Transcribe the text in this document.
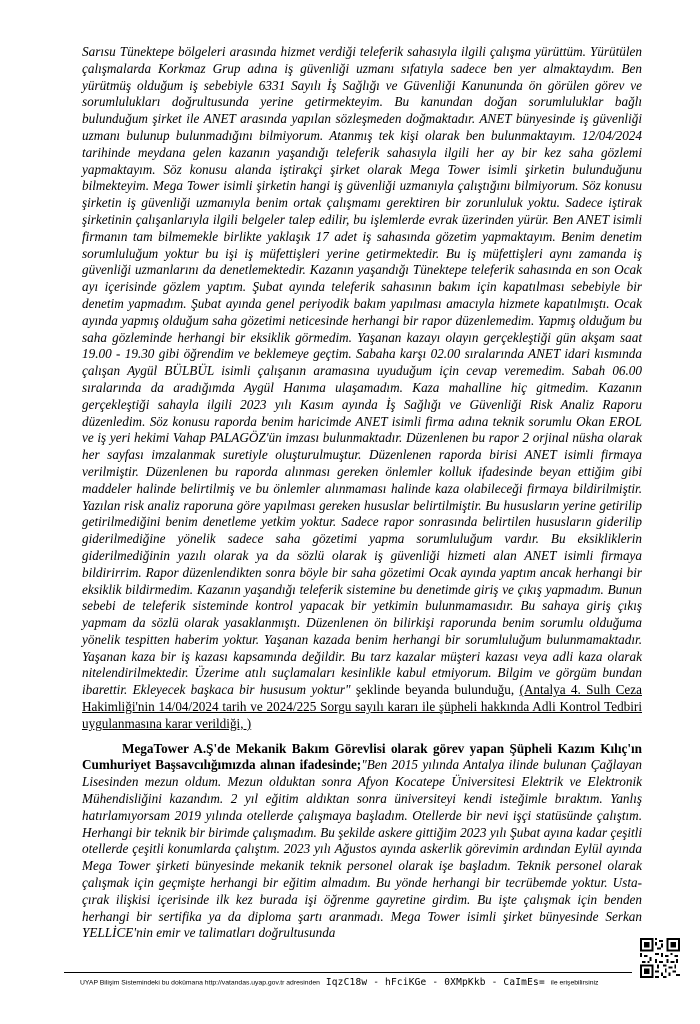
Sarısu Tünektepe bölgeleri arasında hizmet verdiği teleferik sahasıyla ilgili çalışma yürüttüm. Yürütülen çalışmalarda Korkmaz Grup adına iş güvenliği uzmanı sıfatıyla sadece ben yer almaktaydım. Ben yürütmüş olduğum iş sebebiyle 6331 Sayılı İş Sağlığı ve Güvenliği Kanununda ön görülen görev ve sorumlulukları doğrultusunda yerine getirmekteyim. Bu kanundan doğan sorumluluklar bağlı bulunduğum şirket ile ANET arasında yapılan sözleşmeden doğmaktadır. ANET bünyesinde iş güvenliği uzmanı bulunup bulunmadığını bilmiyorum. Atanmış tek kişi olarak ben bulunmaktayım. 12/04/2024 tarihinde meydana gelen kazanın yaşandığı teleferik sahasıyla ilgili her ay bir kez saha gözlemi yapmaktayım. Söz konusu alanda iştirakçi şirket olarak Mega Tower isimli şirketin bulunduğunu bilmekteyim. Mega Tower isimli şirketin hangi iş güvenliği uzmanıyla çalıştığını bilmiyorum. Söz konusu şirketin iş güvenliği uzmanıyla benim ortak çalışmamı gerektiren bir zorunluluk yoktu. Sadece iştirak şirketinin çalışanlarıyla ilgili belgeler talep edilir, bu işlemlerde evrak üzerinden yürür. Ben ANET isimli firmanın tam bilmemekle birlikte yaklaşık 17 adet iş sahasında gözetim yapmaktayım. Benim denetim sorumluluğum yoktur bu işi iş müfettişleri yerine getirmektedir. Bu iş müfettişleri aynı zamanda iş güvenliği uzmanlarını da denetlemektedir. Kazanın yaşandığı Tünektepe teleferik sahasında en son Ocak ayı içerisinde gözlem yaptım. Şubat ayında teleferik sahasının bakım için kapatılması sebebiyle bir denetim yapmadım. Şubat ayında genel periyodik bakım yapılması amacıyla hizmete kapatılmıştı. Ocak ayında yapmış olduğum saha gözetimi neticesinde herhangi bir rapor düzenlemedim. Yapmış olduğum bu saha gözleminde herhangi bir eksiklik görmedim. Yaşanan kazayı olayın gerçekleştiği gün akşam saat 19.00 - 19.30 gibi öğrendim ve beklemeye geçtim. Sabaha karşı 02.00 sıralarında ANET idari kısmında çalışan Aygül BÜLBÜL isimli çalışanın aramasına uyuduğum için cevap veremedim. Sabah 06.00 sıralarında da aradığımda Aygül Hanıma ulaşamadım. Kaza mahalline hiç gitmedim. Kazanın gerçekleştiği sahayla ilgili 2023 yılı Kasım ayında İş Sağlığı ve Güvenliği Risk Analiz Raporu düzenledim. Söz konusu raporda benim haricimde ANET isimli firma adına teknik sorumlu Okan EROL ve iş yeri hekimi Vahap PALAGÖZ'ün imzası bulunmaktadır. Düzenlenen bu rapor 2 orjinal nüsha olarak her sayfası imzalanmak suretiyle oluşturulmuştur. Düzenlenen raporda birisi ANET isimli firmaya verilmiştir. Düzenlenen bu raporda alınması gereken önlemler kolluk ifadesinde beyan ettiğim gibi maddeler halinde belirtilmiş ve bu önlemler alınmaması halinde kaza olabileceği firmaya bildirilmiştir. Yazılan risk analiz raporuna göre yapılması gereken hususlar belirtilmiştir. Bu hususların yerine getirilip getirilmediğini benim denetleme yetkim yoktur. Sadece rapor sonrasında belirtilen hususların giderilip giderilmediğine yönelik sadece saha gözetimi yapma sorumluluğum vardır. Bu eksikliklerin giderilmediğinin yazılı olarak ya da sözlü olarak iş güvenliği hizmeti alan ANET isimli firmaya bildirirrim. Rapor düzenlendikten sonra böyle bir saha gözetimi Ocak ayında yaptım ancak herhangi bir eksiklik bildirmedim. Kazanın yaşandığı teleferik sistemine bu denetimde giriş ve çıkış yapmadım. Bunun sebebi de teleferik sisteminde kontrol yapacak bir yetkimin bulunmamasıdır. Bu sahaya giriş çıkış yapmam da sözlü olarak yasaklanmıştı. Düzenlenen ön bilirkişi raporunda benim sorumlu olduğuma yönelik tespitten haberim yoktur. Yaşanan kazada benim herhangi bir sorumluluğum bulunmamaktadır. Yaşanan kaza bir iş kazası kapsamında değildir. Bu tarz kazalar müşteri kazası veya adli kaza olarak nitelendirilmektedir. Üzerime atılı suçlamaları kesinlikle kabul etmiyorum. Bilgim ve görgüm bundan ibarettir. Ekleyecek başkaca bir hususum yoktur" şeklinde beyanda bulunduğu, (Antalya 4. Sulh Ceza Hakimliği'nin 14/04/2024 tarih ve 2024/225 Sorgu sayılı kararı ile şüpheli hakkında Adli Kontrol Tedbiri uygulanmasına karar verildiği, )

MegaTower A.Ş'de Mekanik Bakım Görevlisi olarak görev yapan Şüpheli Kazım Kılıç'ın Cumhuriyet Başsavcılığımızda alınan ifadesinde;"Ben 2015 yılında Antalya ilinde bulunan Çağlayan Lisesinden mezun oldum. Mezun olduktan sonra Afyon Kocatepe Üniversitesi Elektrik ve Elektronik Mühendisliğini kazandım. 2 yıl eğitim aldıktan sonra üniversiteyi kendi isteğimle bıraktım. Yanlış hatırlamıyorsam 2019 yılında otellerde çalışmaya başladım. Otellerde bir nevi işçi statüsünde çalıştım. Herhangi bir teknik bir birimde çalışmadım. Bu şekilde askere gittiğim 2023 yılı Şubat ayına kadar çeşitli otellerde çeşitli konumlarda çalıştım. 2023 yılı Ağustos ayında askerlik görevimin ardından Eylül ayında Mega Tower şirketi bünyesinde mekanik teknik personel olarak işe başladım. Teknik personel olarak çalışmak için geçmişte herhangi bir eğitim almadım. Bu yönde herhangi bir tecrübemde yoktur. Usta-çırak ilişkisi içerisinde ilk kez burada işi öğrenme gayretine girdim. Bu işte çalışmak için benden herhangi bir sertifika ya da diploma şartı aranmadı. Mega Tower isimli şirket bünyesinde Serkan YELLİCE'nin emir ve talimatları doğrultusunda

UYAP Bilişim Sistemindeki bu dokümana http://vatandas.uyap.gov.tr adresinden IqzC18w - hFciKGe - 0XMpKkb - CaImEs= ile erişebilirsiniz
